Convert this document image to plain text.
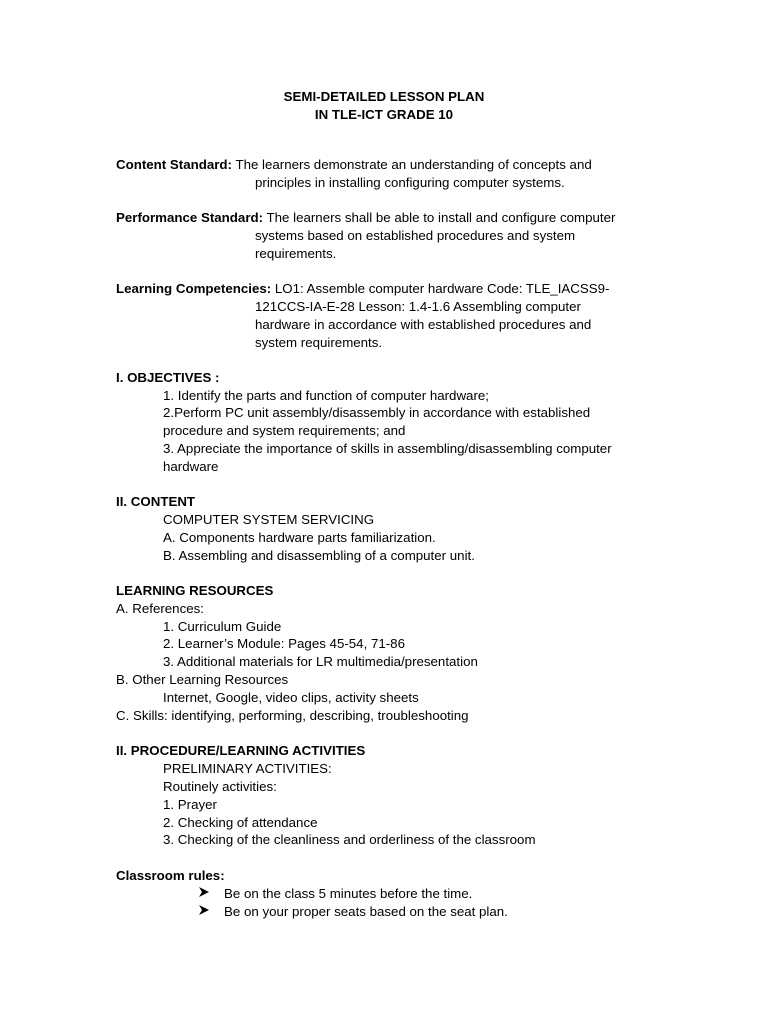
SEMI-DETAILED LESSON PLAN
IN TLE-ICT GRADE 10
Content Standard: The learners demonstrate an understanding of concepts and
principles in installing configuring computer systems.
Performance Standard: The learners shall be able to install and configure computer
systems based on established procedures and system
requirements.
Learning Competencies: LO1: Assemble computer hardware Code: TLE_IACSS9-
121CCS-IA-E-28 Lesson: 1.4-1.6 Assembling computer
hardware in accordance with established procedures and
system requirements.
I. OBJECTIVES :
1. Identify the parts and function of computer hardware;
2.Perform PC unit assembly/disassembly in accordance with established
procedure and system requirements; and
3. Appreciate the importance of skills in assembling/disassembling computer
hardware
II. CONTENT
COMPUTER SYSTEM SERVICING
A. Components hardware parts familiarization.
B. Assembling and disassembling of a computer unit.
LEARNING RESOURCES
A. References:
1. Curriculum Guide
2. Learner’s Module: Pages 45-54, 71-86
3. Additional materials for LR multimedia/presentation
B. Other Learning Resources
Internet, Google, video clips, activity sheets
C. Skills: identifying, performing, describing, troubleshooting
II. PROCEDURE/LEARNING ACTIVITIES
PRELIMINARY ACTIVITIES:
Routinely activities:
1. Prayer
2. Checking of attendance
3. Checking of the cleanliness and orderliness of the classroom
Classroom rules:
Be on the class 5 minutes before the time.
Be on your proper seats based on the seat plan.
